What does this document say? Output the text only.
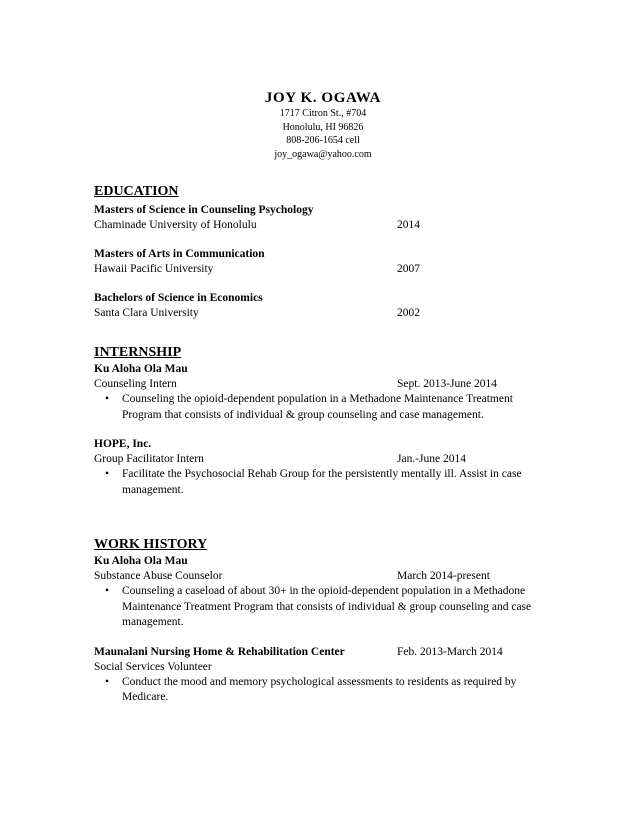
JOY K. OGAWA
1717 Citron St., #704
Honolulu, HI 96826
808-206-1654 cell
joy_ogawa@yahoo.com
EDUCATION
Masters of Science in Counseling Psychology
Chaminade University of Honolulu	2014
Masters of Arts in Communication
Hawaii Pacific University	2007
Bachelors of Science in Economics
Santa Clara University	2002
INTERNSHIP
Ku Aloha Ola Mau
Counseling Intern	Sept. 2013-June 2014
• Counseling the opioid-dependent population in a Methadone Maintenance Treatment Program that consists of individual & group counseling and case management.
HOPE, Inc.
Group Facilitator Intern	Jan.-June 2014
• Facilitate the Psychosocial Rehab Group for the persistently mentally ill. Assist in case management.
WORK HISTORY
Ku Aloha Ola Mau
Substance Abuse Counselor	March 2014-present
• Counseling a caseload of about 30+ in the opioid-dependent population in a Methadone Maintenance Treatment Program that consists of individual & group counseling and case management.
Maunalani Nursing Home & Rehabilitation Center	Feb. 2013-March 2014
Social Services Volunteer
• Conduct the mood and memory psychological assessments to residents as required by Medicare.
